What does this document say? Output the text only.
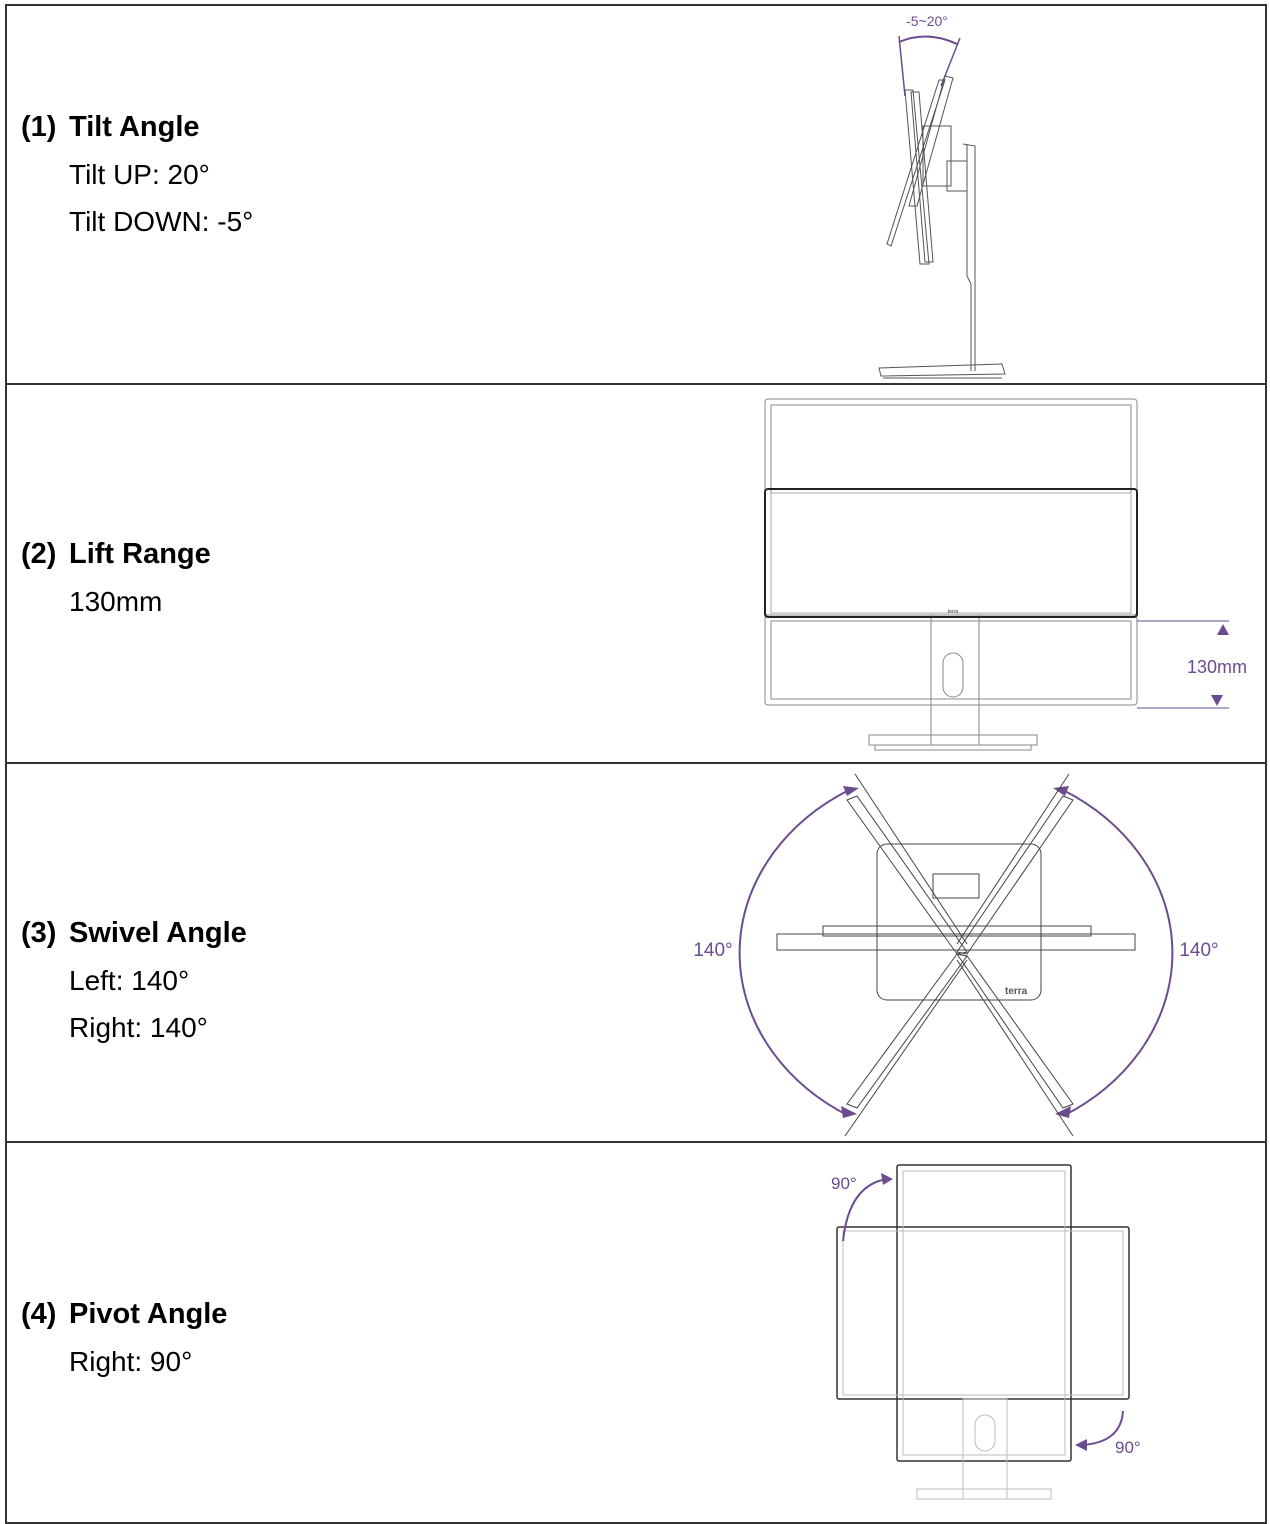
(1) Tilt Angle
Tilt UP: 20°
Tilt DOWN: -5°
-5~20°
(2) Lift Range
130mm	terra
130mm
(3) Swivel Angle
Left: 140°
Right: 140°
140°	140°
terra
(4) Pivot Angle
Right: 90°
90°
90°
